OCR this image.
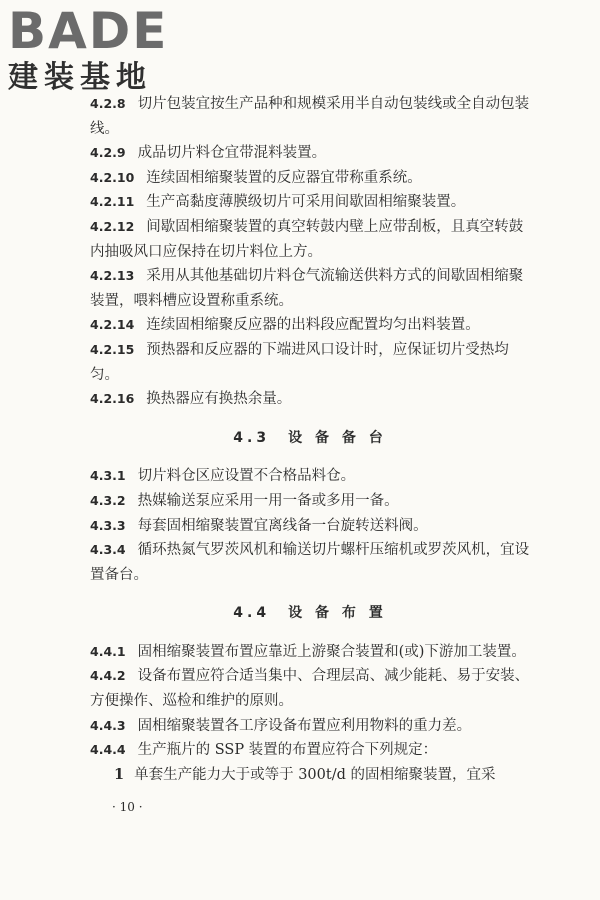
BADE
建装基地

4.2.8 切片包装宜按生产品种和规模采用半自动包装线或全自动包装线。

4.2.9 成品切片料仓宜带混料装置。

4.2.10 连续固相缩聚装置的反应器宜带称重系统。

4.2.11 生产高黏度薄膜级切片可采用间歇固相缩聚装置。

4.2.12 间歇固相缩聚装置的真空转鼓内壁上应带刮板，且真空转鼓内抽吸风口应保持在切片料位上方。

4.2.13 采用从其他基础切片料仓气流输送供料方式的间歇固相缩聚装置，喂料槽应设置称重系统。

4.2.14 连续固相缩聚反应器的出料段应配置均匀出料装置。

4.2.15 预热器和反应器的下端进风口设计时，应保证切片受热均匀。

4.2.16 换热器应有换热余量。

4.3　设 备 备 台

4.3.1 切片料仓区应设置不合格品料仓。

4.3.2 热媒输送泵应采用一用一备或多用一备。

4.3.3 每套固相缩聚装置宜离线备一台旋转送料阀。

4.3.4 循环热氮气罗茨风机和输送切片螺杆压缩机或罗茨风机，宜设置备台。

4.4　设 备 布 置

4.4.1 固相缩聚装置布置应靠近上游聚合装置和(或)下游加工装置。

4.4.2 设备布置应符合适当集中、合理层高、减少能耗、易于安装、方便操作、巡检和维护的原则。

4.4.3 固相缩聚装置各工序设备布置应利用物料的重力差。

4.4.4 生产瓶片的 SSP 装置的布置应符合下列规定：

1 单套生产能力大于或等于 300t/d 的固相缩聚装置，宜采

· 10 ·
